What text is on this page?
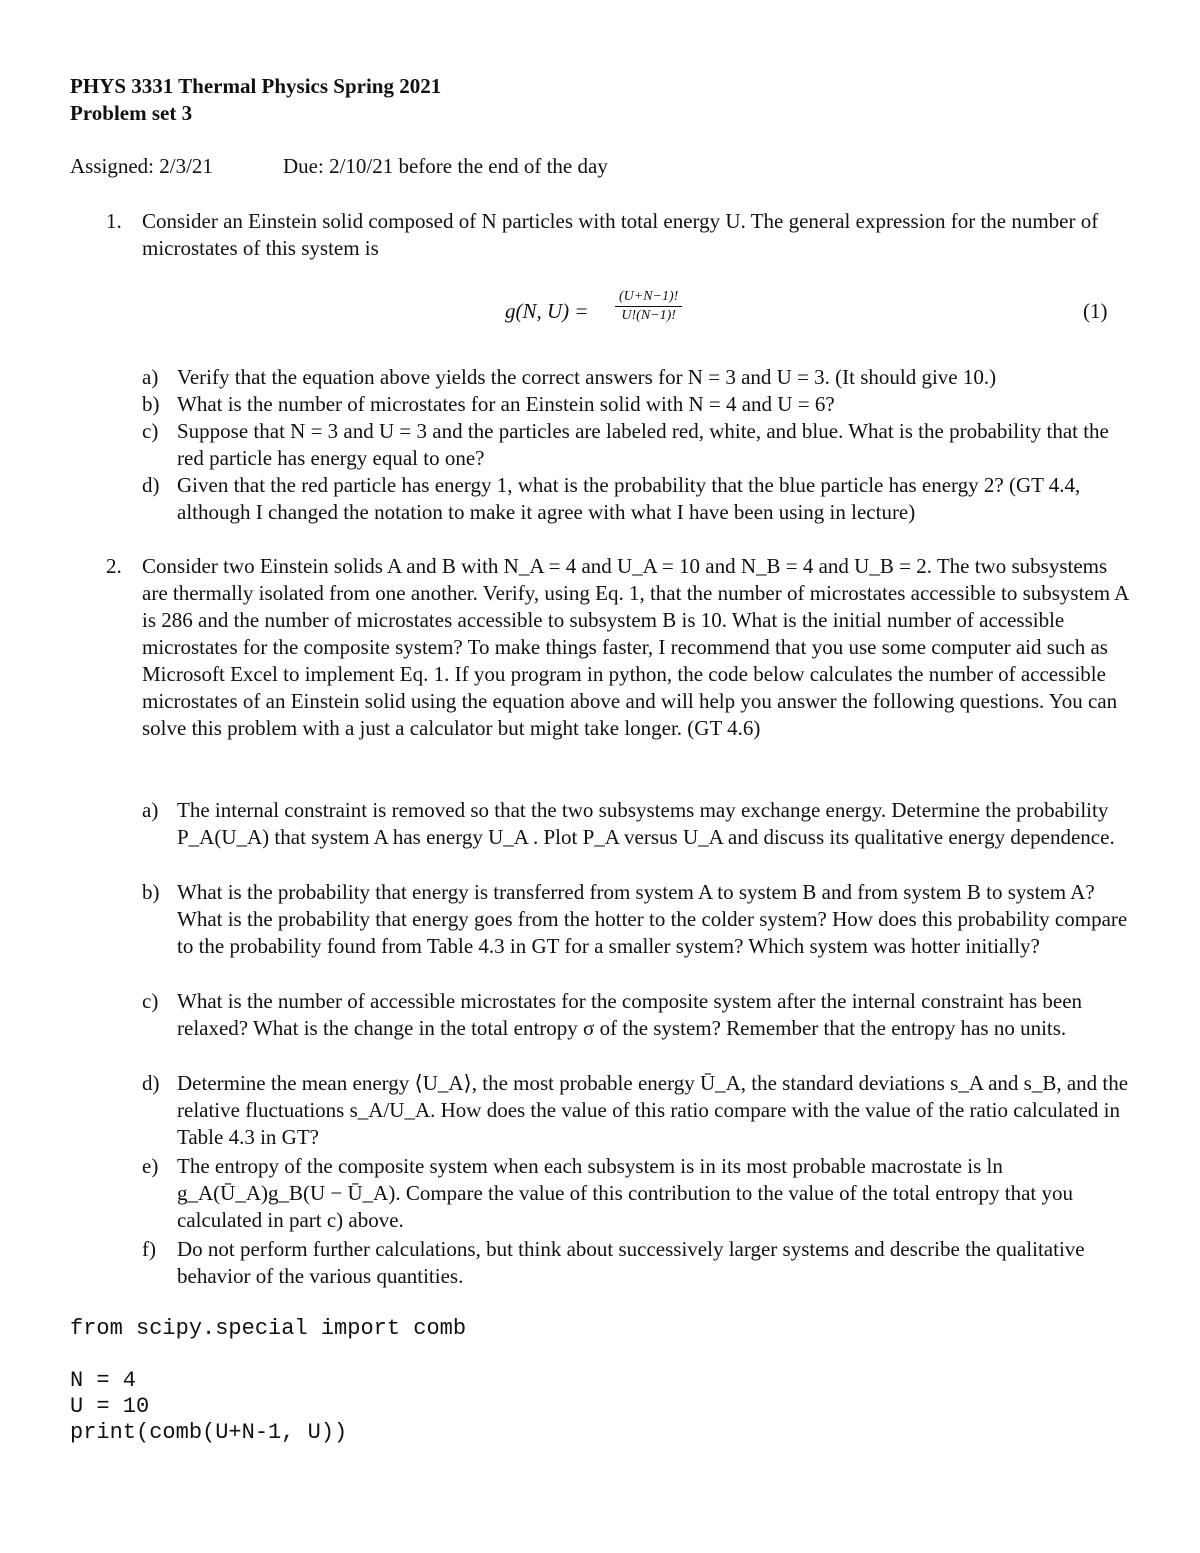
PHYS 3331 Thermal Physics Spring 2021
Problem set 3
Assigned: 2/3/21	Due: 2/10/21 before the end of the day
1. Consider an Einstein solid composed of N particles with total energy U. The general expression for the number of microstates of this system is
g(N, $U) = \frac{(U+N-1)!}{U!(N-1)!}$	(1)
a) Verify that the equation above yields the correct answers for N = 3 and U = 3. (It should give 10.)
b) What is the number of microstates for an Einstein solid with N = 4 and U = 6?
c) Suppose that N = 3 and U = 3 and the particles are labeled red, white, and blue. What is the probability that the red particle has energy equal to one?
d) Given that the red particle has energy 1, what is the probability that the blue particle has energy 2? (GT 4.4, although I changed the notation to make it agree with what I have been using in lecture)
2. Consider two Einstein solids A and B with N_A = 4 and U_A = 10 and N_B = 4 and U_B = 2. The two subsystems are thermally isolated from one another. Verify, using Eq. 1, that the number of microstates accessible to subsystem A is 286 and the number of microstates accessible to subsystem B is 10. What is the initial number of accessible microstates for the composite system? To make things faster, I recommend that you use some computer aid such as Microsoft Excel to implement Eq. 1. If you program in python, the code below calculates the number of accessible microstates of an Einstein solid using the equation above and will help you answer the following questions. You can solve this problem with a just a calculator but might take longer. (GT 4.6)
a) The internal constraint is removed so that the two subsystems may exchange energy. Determine the probability P_A(U_A) that system A has energy U_A . Plot P_A versus U_A and discuss its qualitative energy dependence.
b) What is the probability that energy is transferred from system A to system B and from system B to system A? What is the probability that energy goes from the hotter to the colder system? How does this probability compare to the probability found from Table 4.3 in GT for a smaller system? Which system was hotter initially?
c) What is the number of accessible microstates for the composite system after the internal constraint has been relaxed? What is the change in the total entropy σ of the system? Remember that the entropy has no units.
d) Determine the mean energy ⟨U_A⟩, the most probable energy Ū_A, the standard deviations s_A and s_B, and the relative fluctuations s_A/U_A. How does the value of this ratio compare with the value of the ratio calculated in Table 4.3 in GT?
e) The entropy of the composite system when each subsystem is in its most probable macrostate is ln g_A(Ū_A)g_B(U − Ū_A). Compare the value of this contribution to the value of the total entropy that you calculated in part c) above.
f) Do not perform further calculations, but think about successively larger systems and describe the qualitative behavior of the various quantities.
from scipy.special import comb

N = 4
U = 10
print(comb(U+N-1, U))
